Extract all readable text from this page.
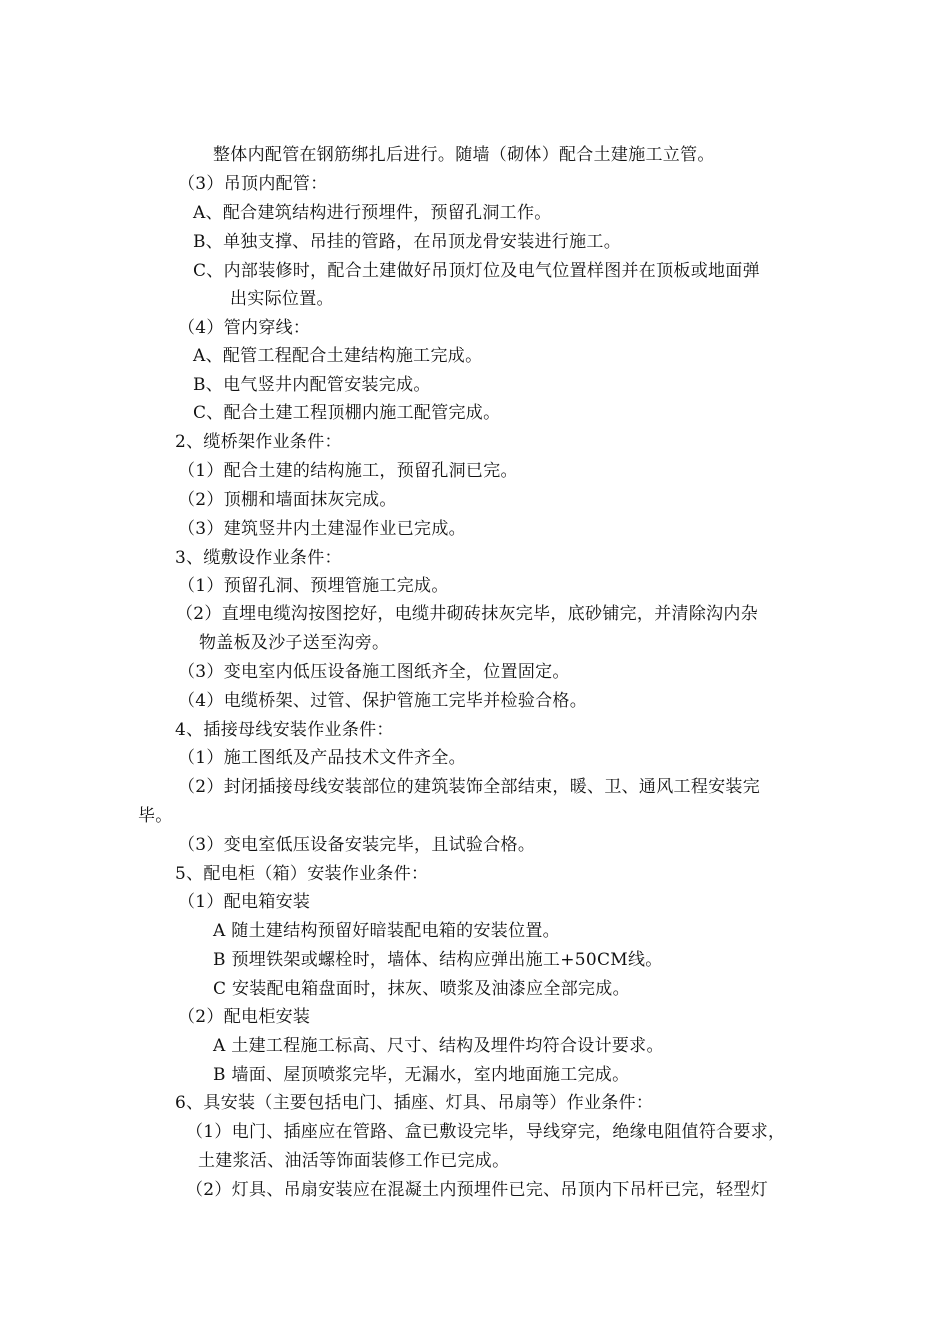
整体内配管在钢筋绑扎后进行。随墙（砌体）配合土建施工立管。
（3）吊顶内配管：
A、配合建筑结构进行预埋件，预留孔洞工作。
B、单独支撑、吊挂的管路，在吊顶龙骨安装进行施工。
C、内部装修时，配合土建做好吊顶灯位及电气位置样图并在顶板或地面弹
出实际位置。
（4）管内穿线：
A、配管工程配合土建结构施工完成。
B、电气竖井内配管安装完成。
C、配合土建工程顶棚内施工配管完成。
2、缆桥架作业条件：
（1）配合土建的结构施工，预留孔洞已完。
（2）顶棚和墙面抹灰完成。
（3）建筑竖井内土建湿作业已完成。
3、缆敷设作业条件：
（1）预留孔洞、预埋管施工完成。
（2）直埋电缆沟按图挖好，电缆井砌砖抹灰完毕，底砂铺完，并清除沟内杂
物盖板及沙子送至沟旁。
（3）变电室内低压设备施工图纸齐全，位置固定。
（4）电缆桥架、过管、保护管施工完毕并检验合格。
4、插接母线安装作业条件：
（1）施工图纸及产品技术文件齐全。
（2）封闭插接母线安装部位的建筑装饰全部结束，暖、卫、通风工程安装完
毕。
（3）变电室低压设备安装完毕，且试验合格。
5、配电柜（箱）安装作业条件：
（1）配电箱安装
A 随土建结构预留好暗装配电箱的安装位置。
B 预埋铁架或螺栓时，墙体、结构应弹出施工+50CM线。
C 安装配电箱盘面时，抹灰、喷浆及油漆应全部完成。
（2）配电柜安装
A 土建工程施工标高、尺寸、结构及埋件均符合设计要求。
B 墙面、屋顶喷浆完毕，无漏水，室内地面施工完成。
6、具安装（主要包括电门、插座、灯具、吊扇等）作业条件：
（1）电门、插座应在管路、盒已敷设完毕，导线穿完，绝缘电阻值符合要求，
土建浆活、油活等饰面装修工作已完成。
（2）灯具、吊扇安装应在混凝土内预埋件已完、吊顶内下吊杆已完，轻型灯
